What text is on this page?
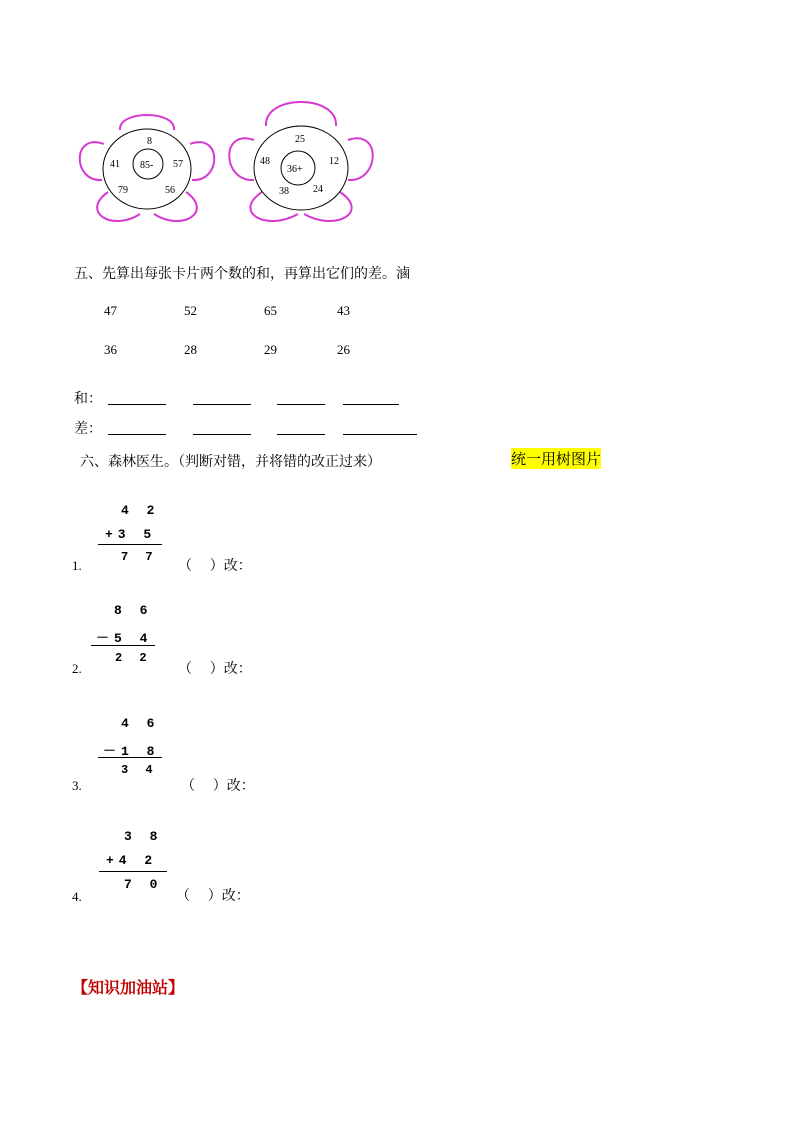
85-
8
41	57
79	56
36+
25
48	12
38 24
五、先算出每张卡片两个数的和，再算出它们的差。滷
47	52	65	43
36	28	29	26
和：
差：
六、森林医生。（判断对错，并将错的改正过来）	统一用树图片
4 2
+3 5
7 7
1.	（    ）改：
8 6
－5 4
2 2
2.	（    ）改：
4 6
－1 8
3 4
3.	（    ）改：
3 8
+4 2
7 0
4.	（    ）改：
【知识加油站】
